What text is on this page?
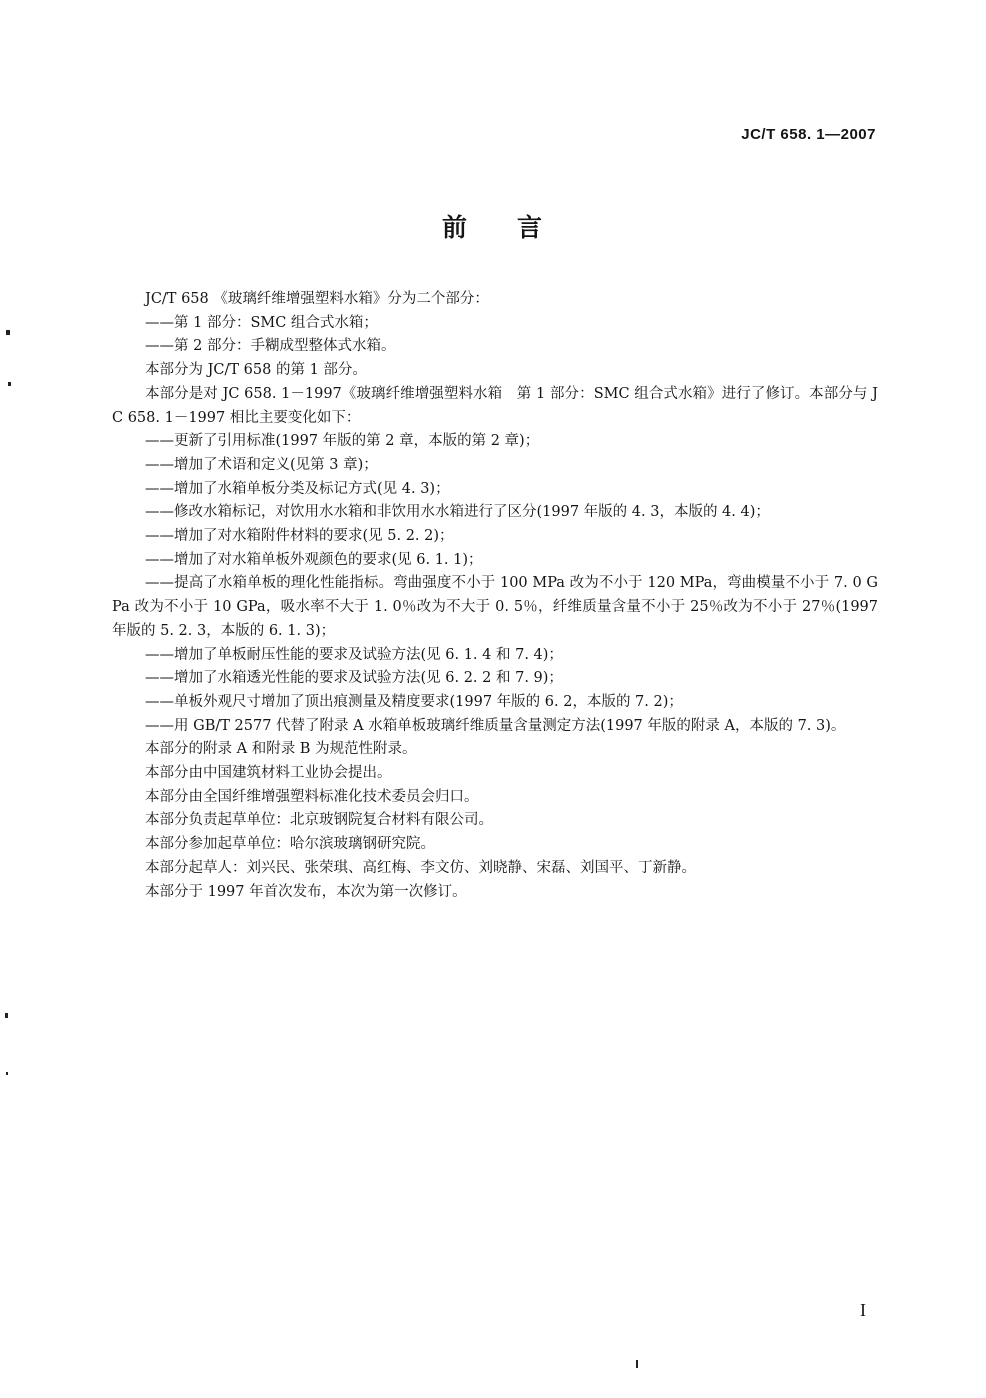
JC/T 658. 1—2007
前 言

JC/T 658 《玻璃纤维增强塑料水箱》分为二个部分：

——第 1 部分：SMC 组合式水箱；

——第 2 部分：手糊成型整体式水箱。

本部分为 JC/T 658 的第 1 部分。

本部分是对 JC 658. 1－1997《玻璃纤维增强塑料水箱　第 1 部分：SMC 组合式水箱》进行了修订。本部分与 JC 658. 1－1997 相比主要变化如下：

——更新了引用标准(1997 年版的第 2 章，本版的第 2 章)；

——增加了术语和定义(见第 3 章)；

——增加了水箱单板分类及标记方式(见 4. 3)；

——修改水箱标记，对饮用水水箱和非饮用水水箱进行了区分(1997 年版的 4. 3，本版的 4. 4)；

——增加了对水箱附件材料的要求(见 5. 2. 2)；

——增加了对水箱单板外观颜色的要求(见 6. 1. 1)；

——提高了水箱单板的理化性能指标。弯曲强度不小于 100 MPa 改为不小于 120 MPa，弯曲模量不小于 7. 0 GPa 改为不小于 10 GPa，吸水率不大于 1. 0％改为不大于 0. 5％，纤维质量含量不小于 25％改为不小于 27％(1997 年版的 5. 2. 3，本版的 6. 1. 3)；

——增加了单板耐压性能的要求及试验方法(见 6. 1. 4 和 7. 4)；

——增加了水箱透光性能的要求及试验方法(见 6. 2. 2 和 7. 9)；

——单板外观尺寸增加了顶出痕测量及精度要求(1997 年版的 6. 2，本版的 7. 2)；

——用 GB/T 2577 代替了附录 A 水箱单板玻璃纤维质量含量测定方法(1997 年版的附录 A，本版的 7. 3)。

本部分的附录 A 和附录 B 为规范性附录。

本部分由中国建筑材料工业协会提出。

本部分由全国纤维增强塑料标准化技术委员会归口。

本部分负责起草单位：北京玻钢院复合材料有限公司。

本部分参加起草单位：哈尔滨玻璃钢研究院。

本部分起草人：刘兴民、张荣琪、高红梅、李文仿、刘晓静、宋磊、刘国平、丁新静。

本部分于 1997 年首次发布，本次为第一次修订。

I
